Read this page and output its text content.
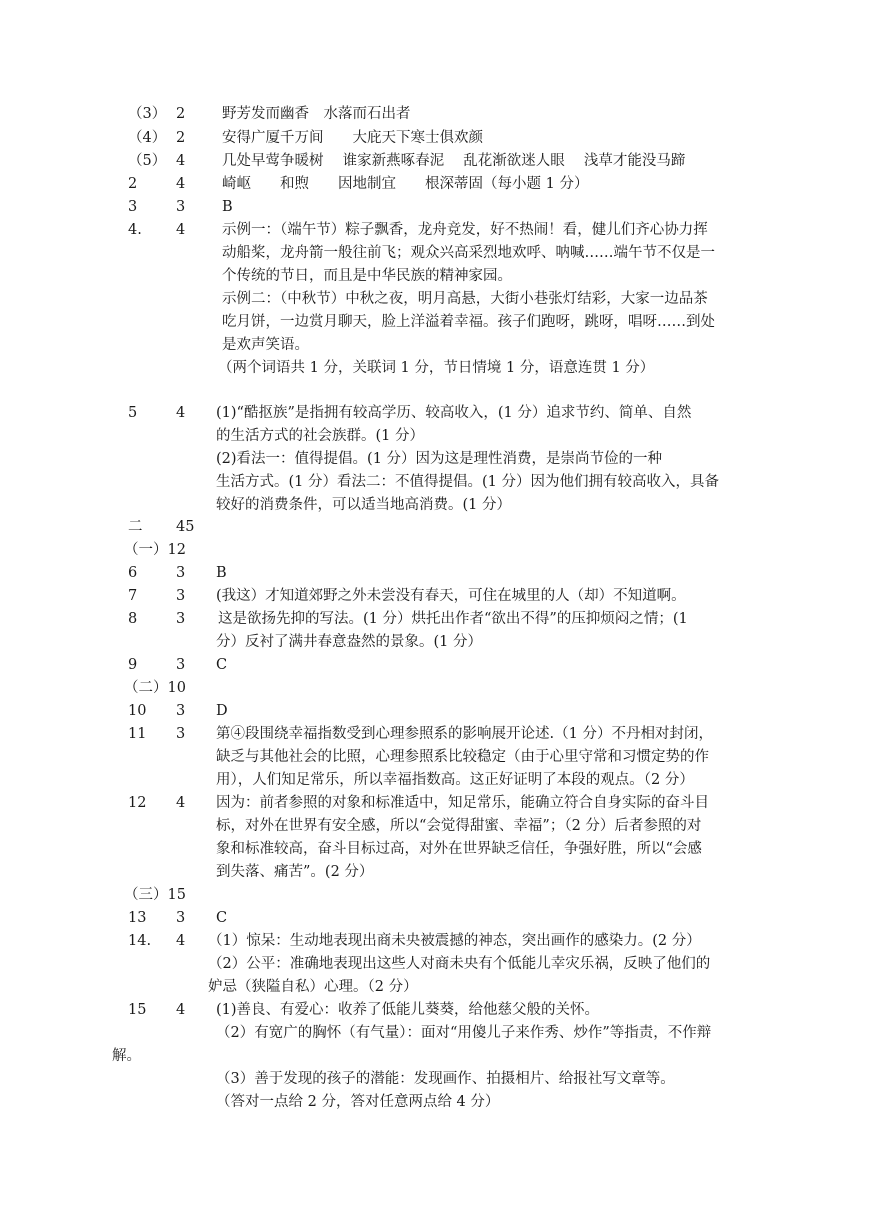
（3） 2	野芳发而幽香　水落而石出者
（4） 2	安得广厦千万间　　大庇天下寒士俱欢颜
（5） 4	几处早莺争暖树　 谁家新燕啄春泥　 乱花渐欲迷人眼　 浅草才能没马蹄
2	4	崎岖　　和煦　　因地制宜　　根深蒂固（每小题 1 分）
3	3	B
4. 4	示例一：（端午节）粽子飘香，龙舟竞发，好不热闹！看，健儿们齐心协力挥
动船桨，龙舟箭一般往前飞；观众兴高采烈地欢呼、呐喊……端午节不仅是一
个传统的节日，而且是中华民族的精神家园。
示例二：（中秋节）中秋之夜，明月高悬，大街小巷张灯结彩，大家一边品茶
吃月饼，一边赏月聊天，脸上洋溢着幸福。孩子们跑呀，跳呀，唱呀……到处
是欢声笑语。
（两个词语共 1 分，关联词 1 分，节日情境 1 分，语意连贯 1 分）
5	4 (1)“酷抠族”是指拥有较高学历、较高收入，(1 分）追求节约、简单、自然
的生活方式的社会族群。(1 分）
(2)看法一：值得提倡。(1 分）因为这是理性消费，是崇尚节俭的一种
生活方式。(1 分）看法二：不值得提倡。(1 分）因为他们拥有较高收入，具备
较好的消费条件，可以适当地高消费。(1 分）
二 45
（一）12
6	3 B
7	3 (我这）才知道郊野之外未尝没有春天，可住在城里的人（却）不知道啊。
8	3 这是欲扬先抑的写法。(1 分）烘托出作者“欲出不得”的压抑烦闷之情；(1
分）反衬了满井春意盎然的景象。(1 分）
9	3 C
（二）10
10 3 D
11 3 第④段围绕幸福指数受到心理参照系的影响展开论述.（1 分）不丹相对封闭，
缺乏与其他社会的比照，心理参照系比较稳定（由于心里守常和习惯定势的作
用），人们知足常乐，所以幸福指数高。这正好证明了本段的观点。（2 分）
12 4 因为：前者参照的对象和标准适中，知足常乐，能确立符合自身实际的奋斗目
标，对外在世界有安全感，所以“会觉得甜蜜、幸福”；（2 分）后者参照的对
象和标准较高，奋斗目标过高，对外在世界缺乏信任，争强好胜，所以“会感
到失落、痛苦”。(2 分）
（三）15
13 3 C
14. 4 （1）惊呆：生动地表现出商未央被震撼的神态，突出画作的感染力。(2 分）
（2）公平：准确地表现出这些人对商未央有个低能儿幸灾乐祸，反映了他们的
妒忌（狭隘自私）心理。（2 分）
15 4 (1)善良、有爱心：收养了低能儿葵葵，给他慈父般的关怀。
（2）有宽广的胸怀（有气量）：面对“用傻儿子来作秀、炒作”等指责，不作辩
解。
（3）善于发现的孩子的潜能：发现画作、拍摄相片、给报社写文章等。
（答对一点给 2 分，答对任意两点给 4 分）
